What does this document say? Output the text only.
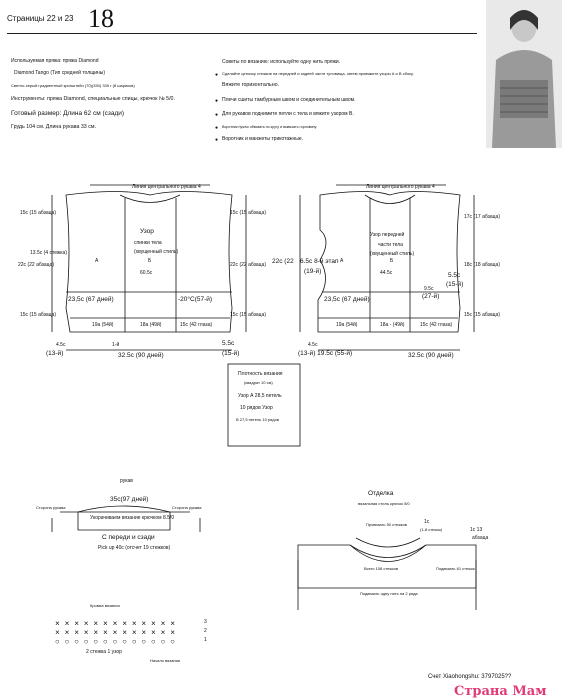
Страницы 22 и 23 18
Используемая пряжа: пряжа Diamond
Diamond Tango (Тип средней толщины)
Светло-серый градиентный кронштейн (70)(330) 339 г (8 шариков)
Инструменты: пряжа Diamond, специальные спицы, крючок № 5/0.
Готовый размер: Длина 62 см (сзади)
Грудь 104 см. Длина рукава 33 см.
Советы по вязанию: используйте одну нить пряжи.
Сделайте цепочку стежков на передней и задней части туловища, затем провяжите узоры А и В сбоку.
Вяжите горизонтально.
Плечи сшиты тамбурным швом и соединительным швом.
Для рукавов поднимите петли с тела и вяжите узором B.
Воротник нужно обвязать по кругу и вывязать горловину.
Воротник и манжеты трикотажные.
●
●
●
●
●
× × × × × × × × × × × × ×
× × × × × × × × × × × × ×
○ ○ ○ ○ ○ ○ ○ ○ ○ ○ ○ ○ ○
Линия центрального рукава 4
Узор
спинки тела
(хвущенный стиль)
А	Б
60.5с
15с (15 абзаца)
13.5с (4 стежка)
22с (22 абзаца)
15с (15 абзаца)
15с (15 абзаца)
22с (22 абзаца)
15с (15 абзаца)
23,5с (67 дней)	-20°С(57-й)
19а (54й)	18а (49й)	15с (42 глаза)
4.5с
(13-й)
1-й
32.5с (90 дней)
5.5с
(15-й)
Линия центрального рукава 4
Узор передней
части тела
(хвущенный стиль)
А	Б
44.5с
22с (22 6.5с 8-й этап
(19-й)
17с (17 абзаца)
18с (18 абзаца)
15с (15 абзаца)
5.5с
(15-й)
9.5с
(27-й)
23,5с (67 дней)
19а (54й)	18а - (49й)	15с (42 глаза)
4.5с
(13-й) 19.5с (55-й)	32.5с (90 дней)
Плотность вязания
(квадрат 10 см)
Узор А 28,5 петель
10 рядов Узор
В 27,5 петель 10 рядов
рукав
35с(97 дней)
Укорачиваем вязание крючком 8.5/0
С переди и сзади
Pick up 40c (отсчет 19 стежков)
Сторона рукава	Сторона рукава
Кромка вязания
3
2
1
2 стежка 1 узор
Начало вязания
Отделка
вязальная стиль крючок 5/0
Провязать 50 стежков
Всего 108 стежков
1с
(1-й стежок)	1с 13
абзаца
Подвязать 61 стежок
Подвязать одну нить на 2 ряда
Счет Xiaohongshu: 3797025??
Страна Мам
